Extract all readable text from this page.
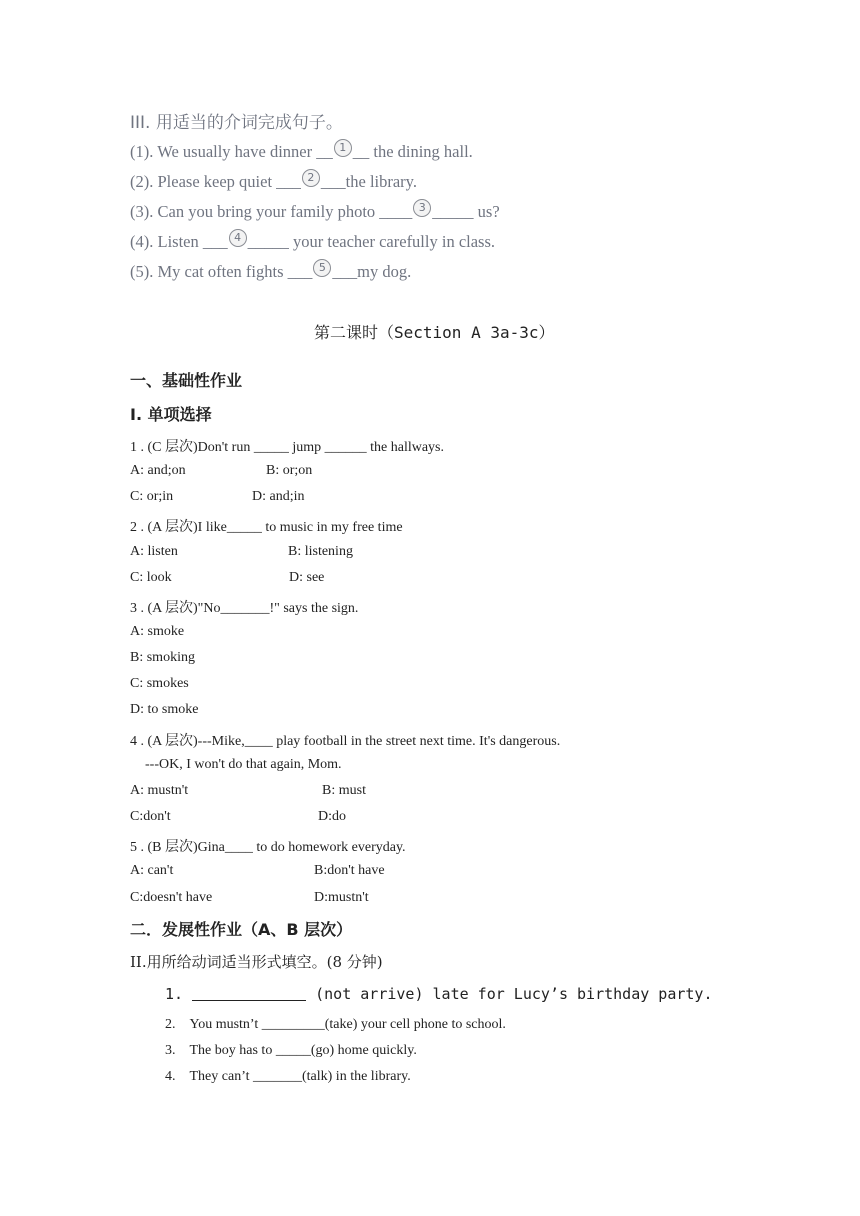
III. 用适当的介词完成句子。
(1). We usually have dinner __ 1 __ the dining hall.
(2). Please keep quiet ___ 2 ___the library.
(3). Can you bring your family photo ____ 3 _____ us?
(4). Listen ___ 4 _____ your teacher carefully in class.
(5). My cat often fights ___ 5 ___my dog.
第二课时（Section A 3a-3c）
一、基础性作业
I. 单项选择
1 . (C 层次)Don't run _____ jump ______ the hallways.
A: and;on	B: or;on
C: or;in	D: and;in
2 . (A 层次)I like_____ to music in my free time
A: listen	B: listening
C: look	D: see
3 . (A 层次)"No_______!" says the sign.
A: smoke
B: smoking
C: smokes
D: to smoke
4 . (A 层次)---Mike,____ play football in the street next time. It's dangerous.
---OK, I won't do that again, Mom.
A: mustn't	B: must
C:don't	D:do
5 . (B 层次)Gina____ to do homework everyday.
A: can't	B:don't have
C:doesn't have	D:mustn't
二．发展性作业（A、B 层次）
II.用所给动词适当形式填空。(8 分钟)
1.	(not arrive) late for Lucy’s birthday party.
2. You mustn’t _________(take) your cell phone to school.
3. The boy has to _____(go) home quickly.
4. They can’t _______(talk) in the library.
